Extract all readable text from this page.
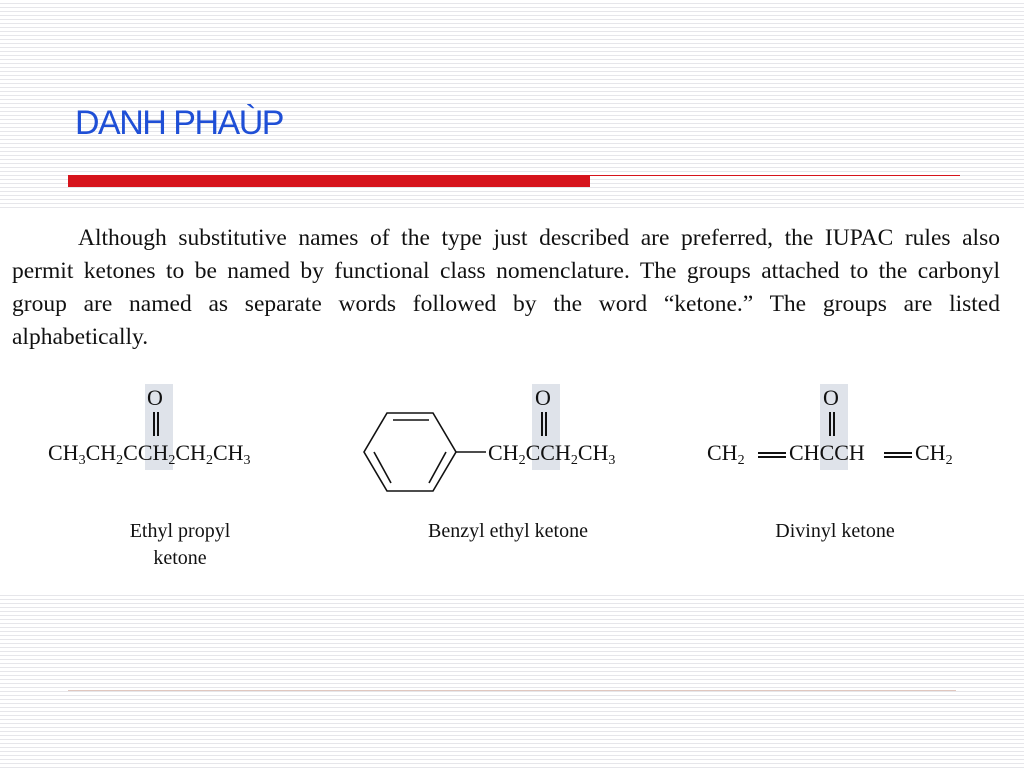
DANH PHAÙP

Although substitutive names of the type just described are preferred, the IUPAC rules also permit ketones to be named by functional class nomenclature. The groups attached to the carbonyl group are named as separate words followed by the word “ketone.” The groups are listed alphabetically.

O

$CH_3CH_2CCH_2CH_2CH_3$

Ethyl propyl
ketone

O

$CH_2CCH_2CH_3$

Benzyl ethyl ketone

O
$CH_2$ CHCCH $CH_2$

Divinyl ketone
